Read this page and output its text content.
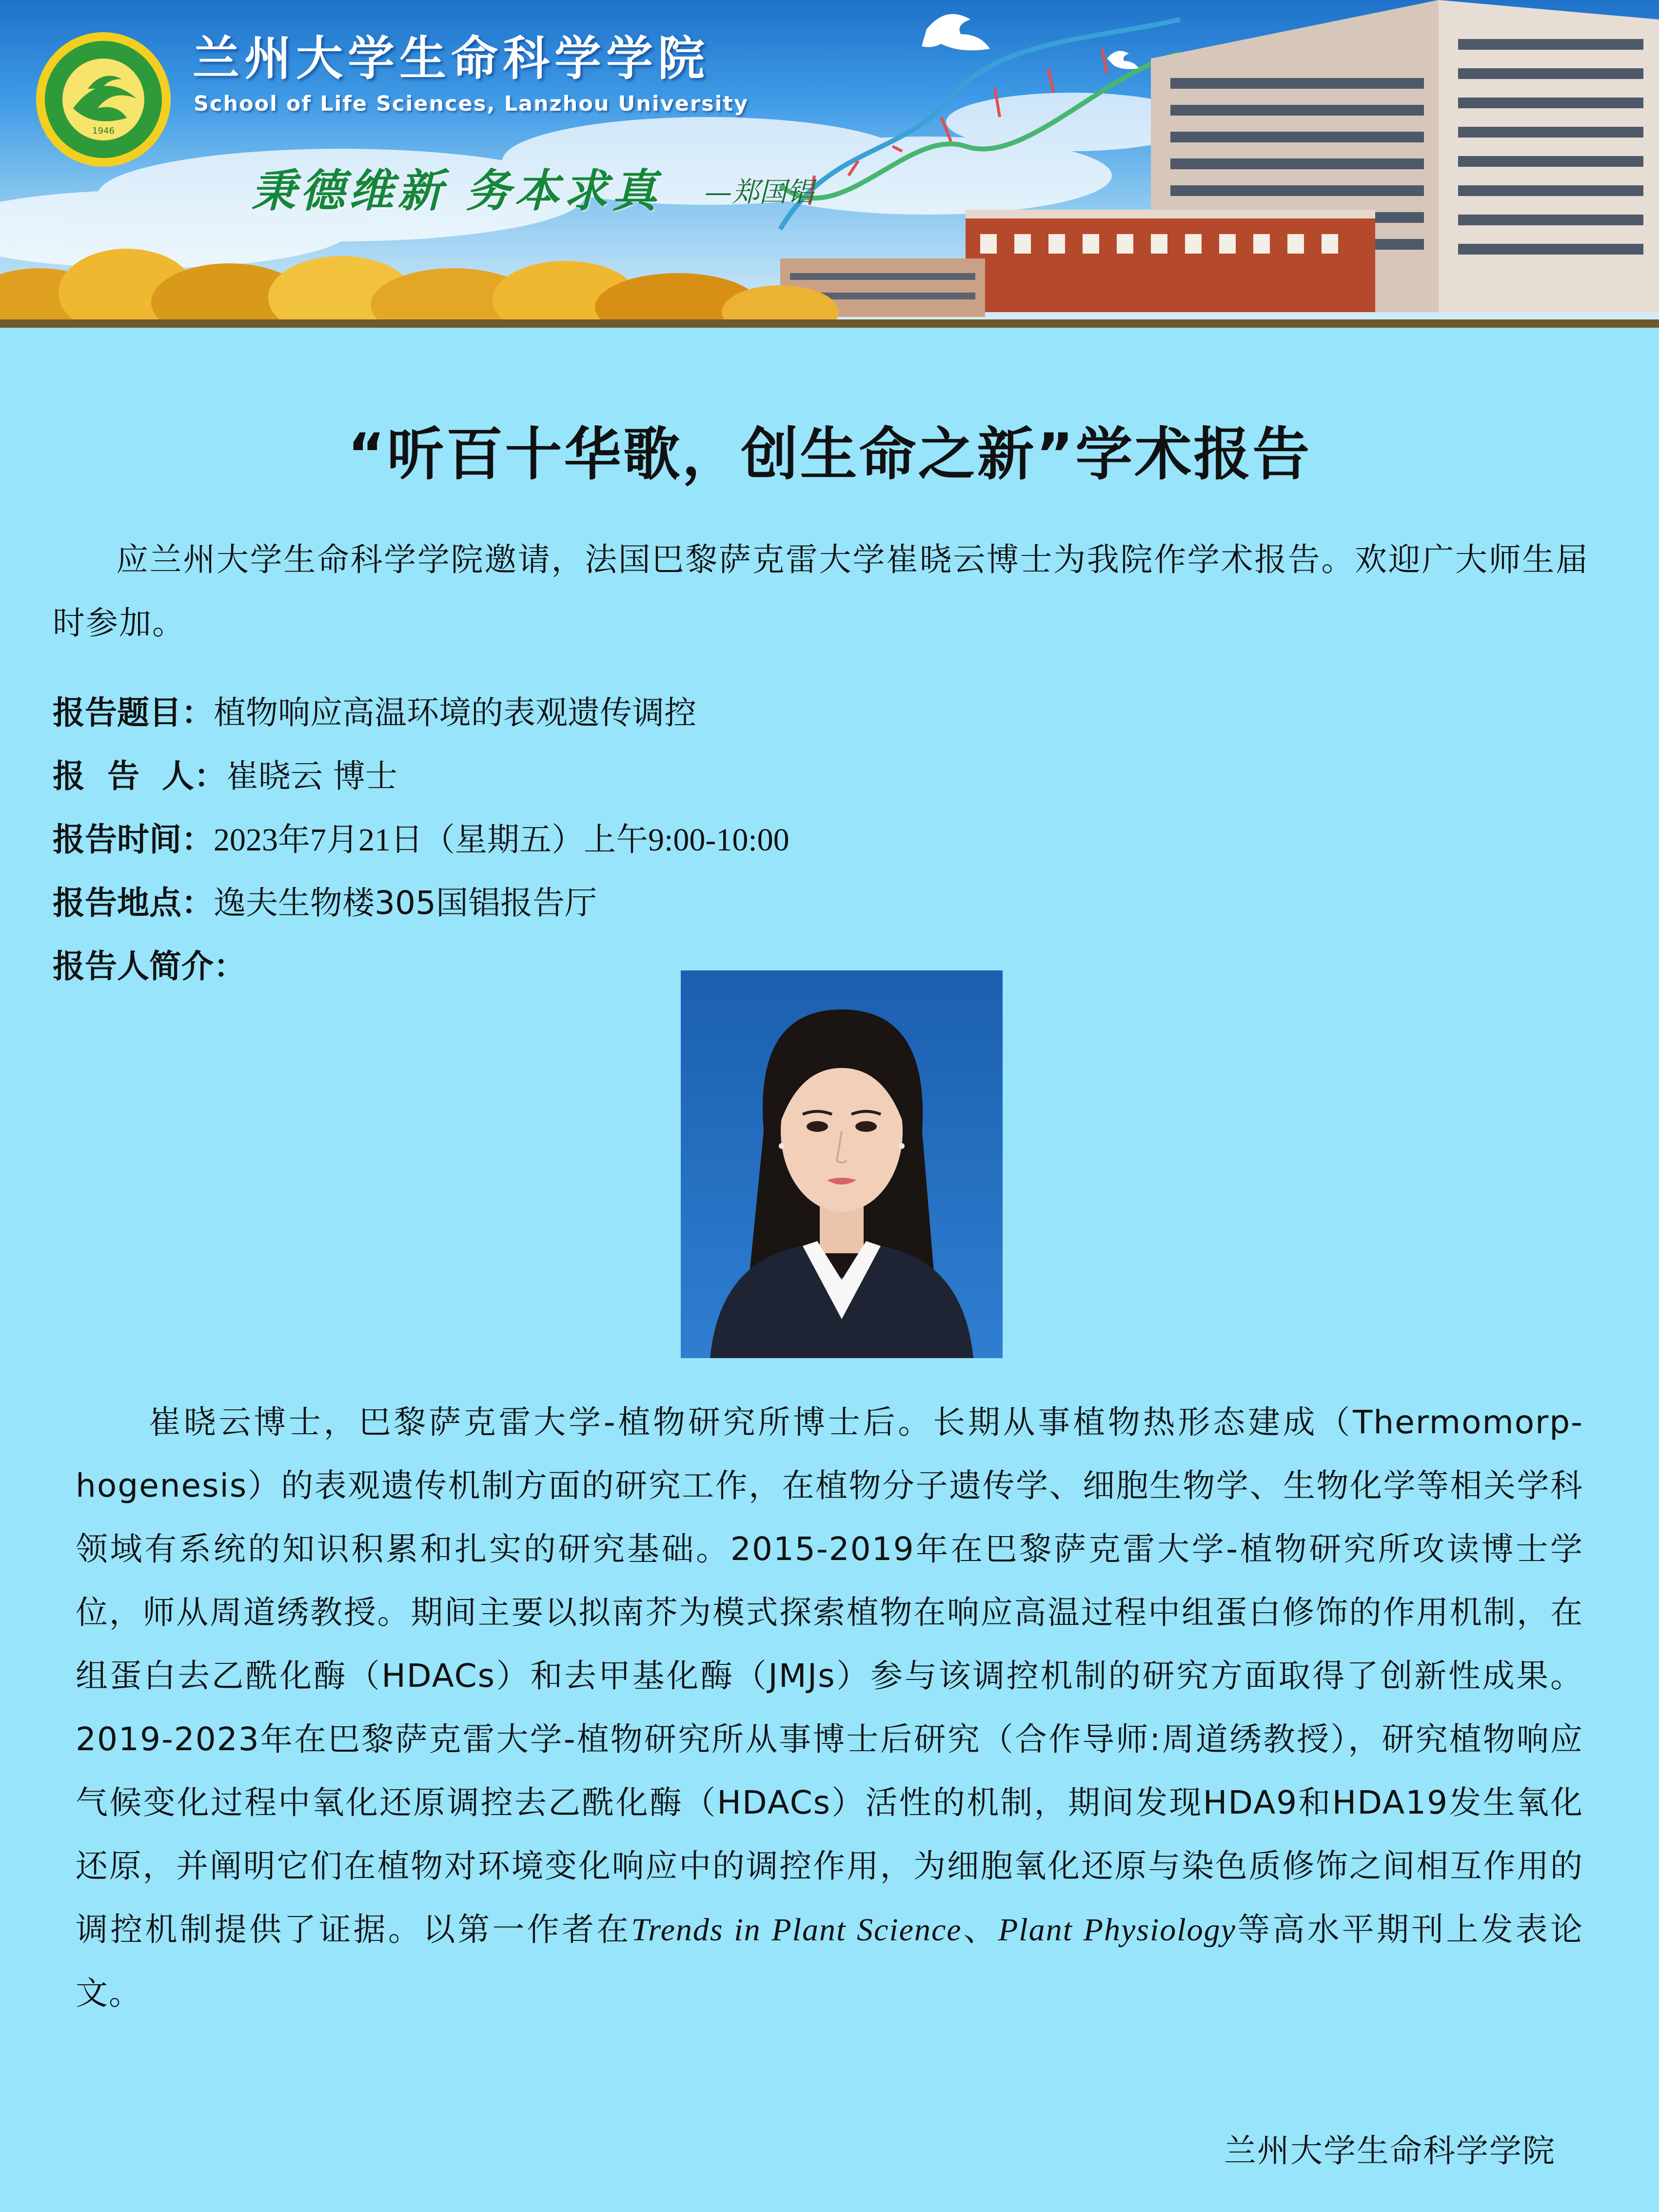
1946
兰州大学生命科学学院
School of Life Sciences, Lanzhou University
秉德维新 务本求真 —郑国锠
“听百十华歌，创生命之新”学术报告
应兰州大学生命科学学院邀请，法国巴黎萨克雷大学崔晓云博士为我院作学术报告。欢迎广大师生届时参加。
报告题目：植物响应高温环境的表观遗传调控
报  告  人：崔晓云 博士
报告时间：2023年7月21日（星期五）上午9:00-10:00
报告地点：逸夫生物楼305国锠报告厅
报告人简介：
崔晓云博士，巴黎萨克雷大学-植物研究所博士后。长期从事植物热形态建成（Thermomorp-hogenesis）的表观遗传机制方面的研究工作，在植物分子遗传学、细胞生物学、生物化学等相关学科领域有系统的知识积累和扎实的研究基础。2015-2019年在巴黎萨克雷大学-植物研究所攻读博士学位，师从周道绣教授。期间主要以拟南芥为模式探索植物在响应高温过程中组蛋白修饰的作用机制，在组蛋白去乙酰化酶（HDACs）和去甲基化酶（JMJs）参与该调控机制的研究方面取得了创新性成果。2019-2023年在巴黎萨克雷大学-植物研究所从事博士后研究（合作导师:周道绣教授），研究植物响应气候变化过程中氧化还原调控去乙酰化酶（HDACs）活性的机制，期间发现HDA9和HDA19发生氧化还原，并阐明它们在植物对环境变化响应中的调控作用，为细胞氧化还原与染色质修饰之间相互作用的调控机制提供了证据。以第一作者在Trends in Plant Science、Plant Physiology等高水平期刊上发表论文。
兰州大学生命科学学院
